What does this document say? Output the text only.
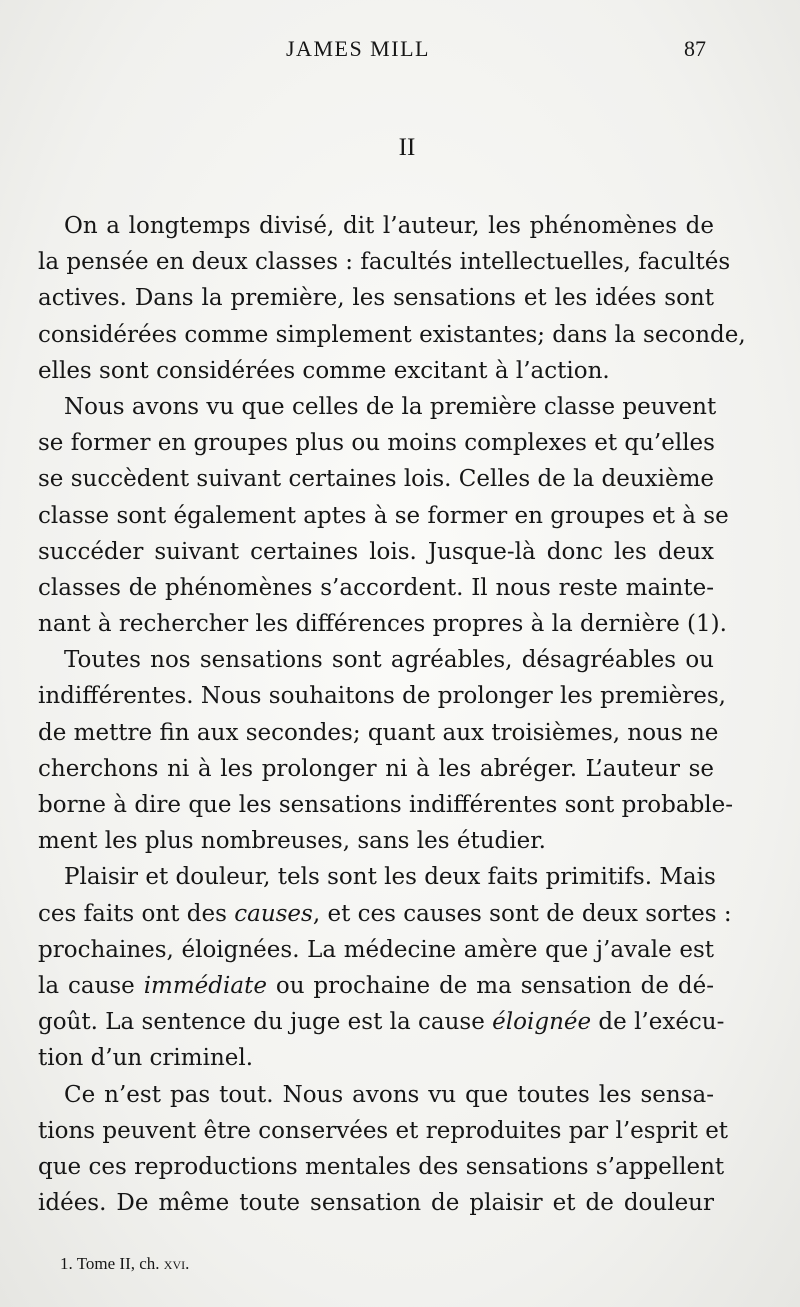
JAMES MILL	87
II
On a longtemps divisé, dit l’auteur, les phénomènes de
la pensée en deux classes : facultés intellectuelles, facultés
actives. Dans la première, les sensations et les idées sont
considérées comme simplement existantes; dans la seconde,
elles sont considérées comme excitant à l’action.
Nous avons vu que celles de la première classe peuvent
se former en groupes plus ou moins complexes et qu’elles
se succèdent suivant certaines lois. Celles de la deuxième
classe sont également aptes à se former en groupes et à se
succéder suivant certaines lois. Jusque-là donc les deux
classes de phénomènes s’accordent. Il nous reste mainte-
nant à rechercher les différences propres à la dernière (1).
Toutes nos sensations sont agréables, désagréables ou
indifférentes. Nous souhaitons de prolonger les premières,
de mettre fin aux secondes; quant aux troisièmes, nous ne
cherchons ni à les prolonger ni à les abréger. L’auteur se
borne à dire que les sensations indifférentes sont probable-
ment les plus nombreuses, sans les étudier.
Plaisir et douleur, tels sont les deux faits primitifs. Mais
ces faits ont des causes, et ces causes sont de deux sortes :
prochaines, éloignées. La médecine amère que j’avale est
la cause immédiate ou prochaine de ma sensation de dé-
goût. La sentence du juge est la cause éloignée de l’exécu-
tion d’un criminel.
Ce n’est pas tout. Nous avons vu que toutes les sensa-
tions peuvent être conservées et reproduites par l’esprit et
que ces reproductions mentales des sensations s’appellent
idées. De même toute sensation de plaisir et de douleur
1. Tome II, ch. xvi.
